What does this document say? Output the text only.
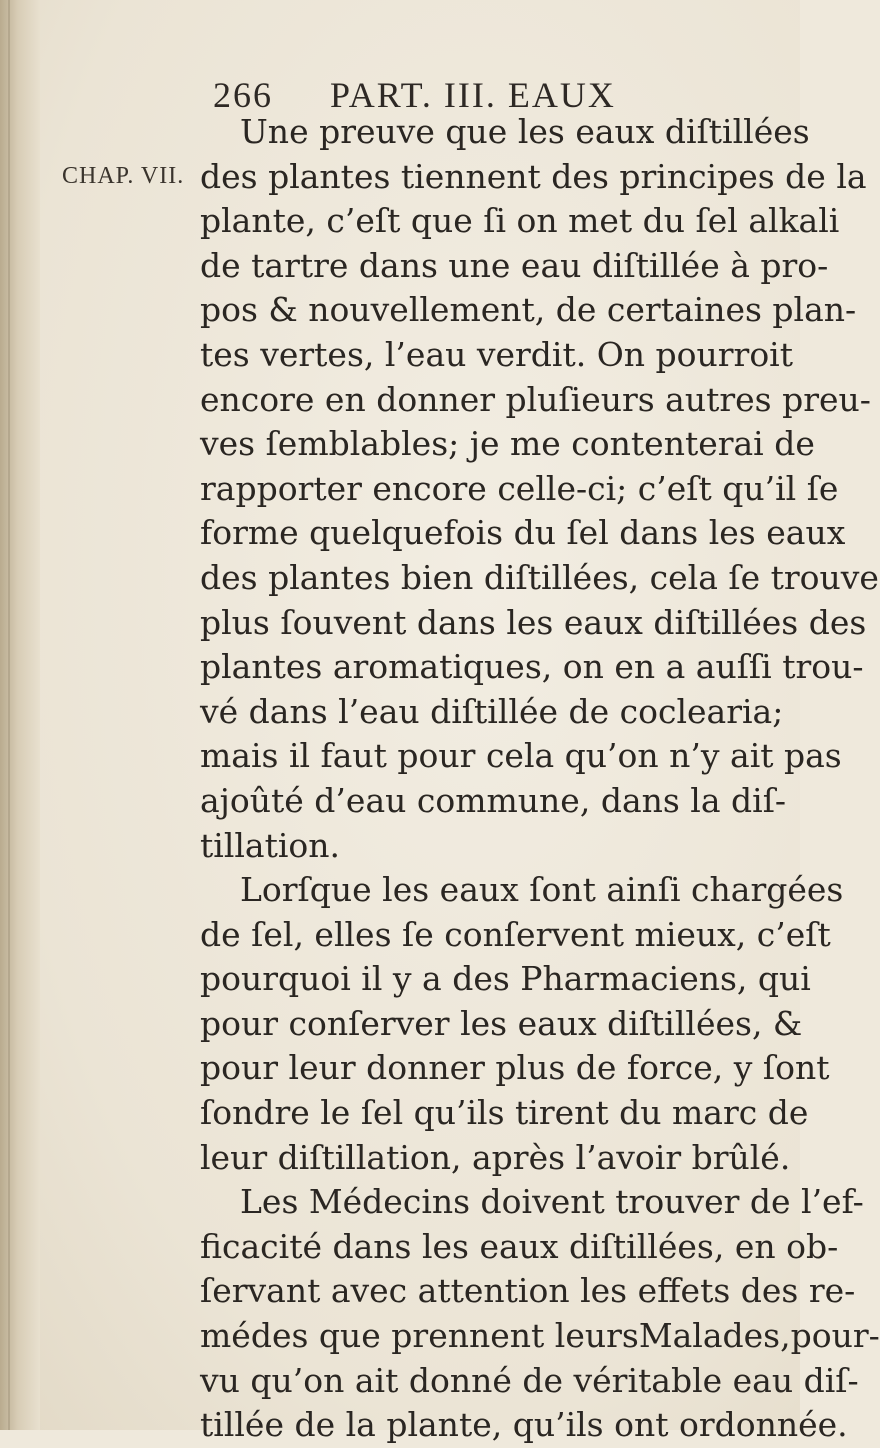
CHAP. VII.
266 PART. III. EAUX
Une preuve que les eaux diſtillées
des plantes tiennent des principes de la
plante, c’eſt que ſi on met du ſel alkali
de tartre dans une eau diſtillée à pro-
pos & nouvellement, de certaines plan-
tes vertes, l’eau verdit. On pourroit
encore en donner pluſieurs autres preu-
ves ſemblables; je me contenterai de
rapporter encore celle-ci; c’eſt qu’il ſe
forme quelquefois du ſel dans les eaux
des plantes bien diſtillées, cela ſe trouve
plus ſouvent dans les eaux diſtillées des
plantes aromatiques, on en a auſſi trou-
vé dans l’eau diſtillée de coclearia;
mais il faut pour cela qu’on n’y ait pas
ajoûté d’eau commune, dans la diſ-
tillation.
Lorſque les eaux ſont ainſi chargées
de ſel, elles ſe conſervent mieux, c’eſt
pourquoi il y a des Pharmaciens, qui
pour conſerver les eaux diſtillées, &
pour leur donner plus de force, y ſont
ſondre le ſel qu’ils tirent du marc de
leur diſtillation, après l’avoir brûlé.
Les Médecins doivent trouver de l’ef-
ficacité dans les eaux diſtillées, en ob-
ſervant avec attention les effets des re-
médes que prennent leursMalades,pour-
vu qu’on ait donné de véritable eau diſ-
tillée de la plante, qu’ils ont ordonnée.
